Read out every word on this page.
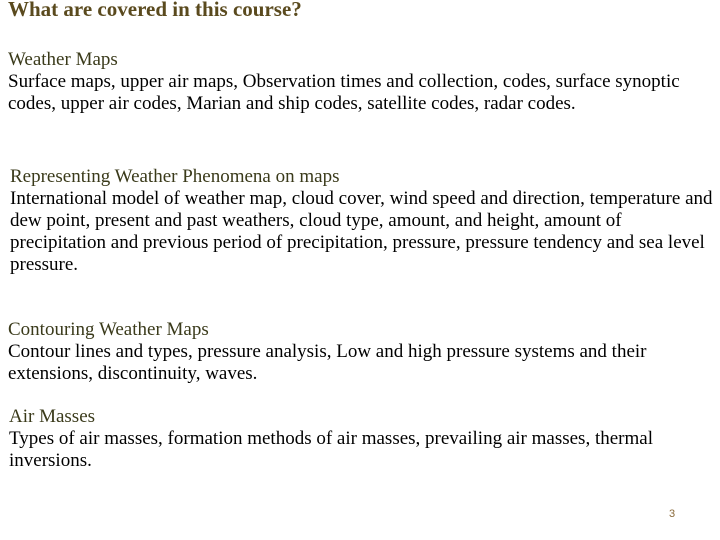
What are covered in this course?
Weather Maps
Surface maps, upper air maps, Observation times and collection, codes, surface synoptic codes, upper air codes, Marian and ship codes, satellite codes, radar codes.
Representing Weather Phenomena on maps
International model of weather map, cloud cover, wind speed and direction, temperature and dew point, present and past weathers, cloud type, amount, and height, amount of precipitation and previous period of precipitation, pressure, pressure tendency and sea level pressure.
Contouring Weather Maps
Contour lines and types, pressure analysis, Low and high pressure systems and their extensions, discontinuity, waves.
Air Masses
Types of air masses, formation methods of air masses, prevailing air masses, thermal inversions.
3
